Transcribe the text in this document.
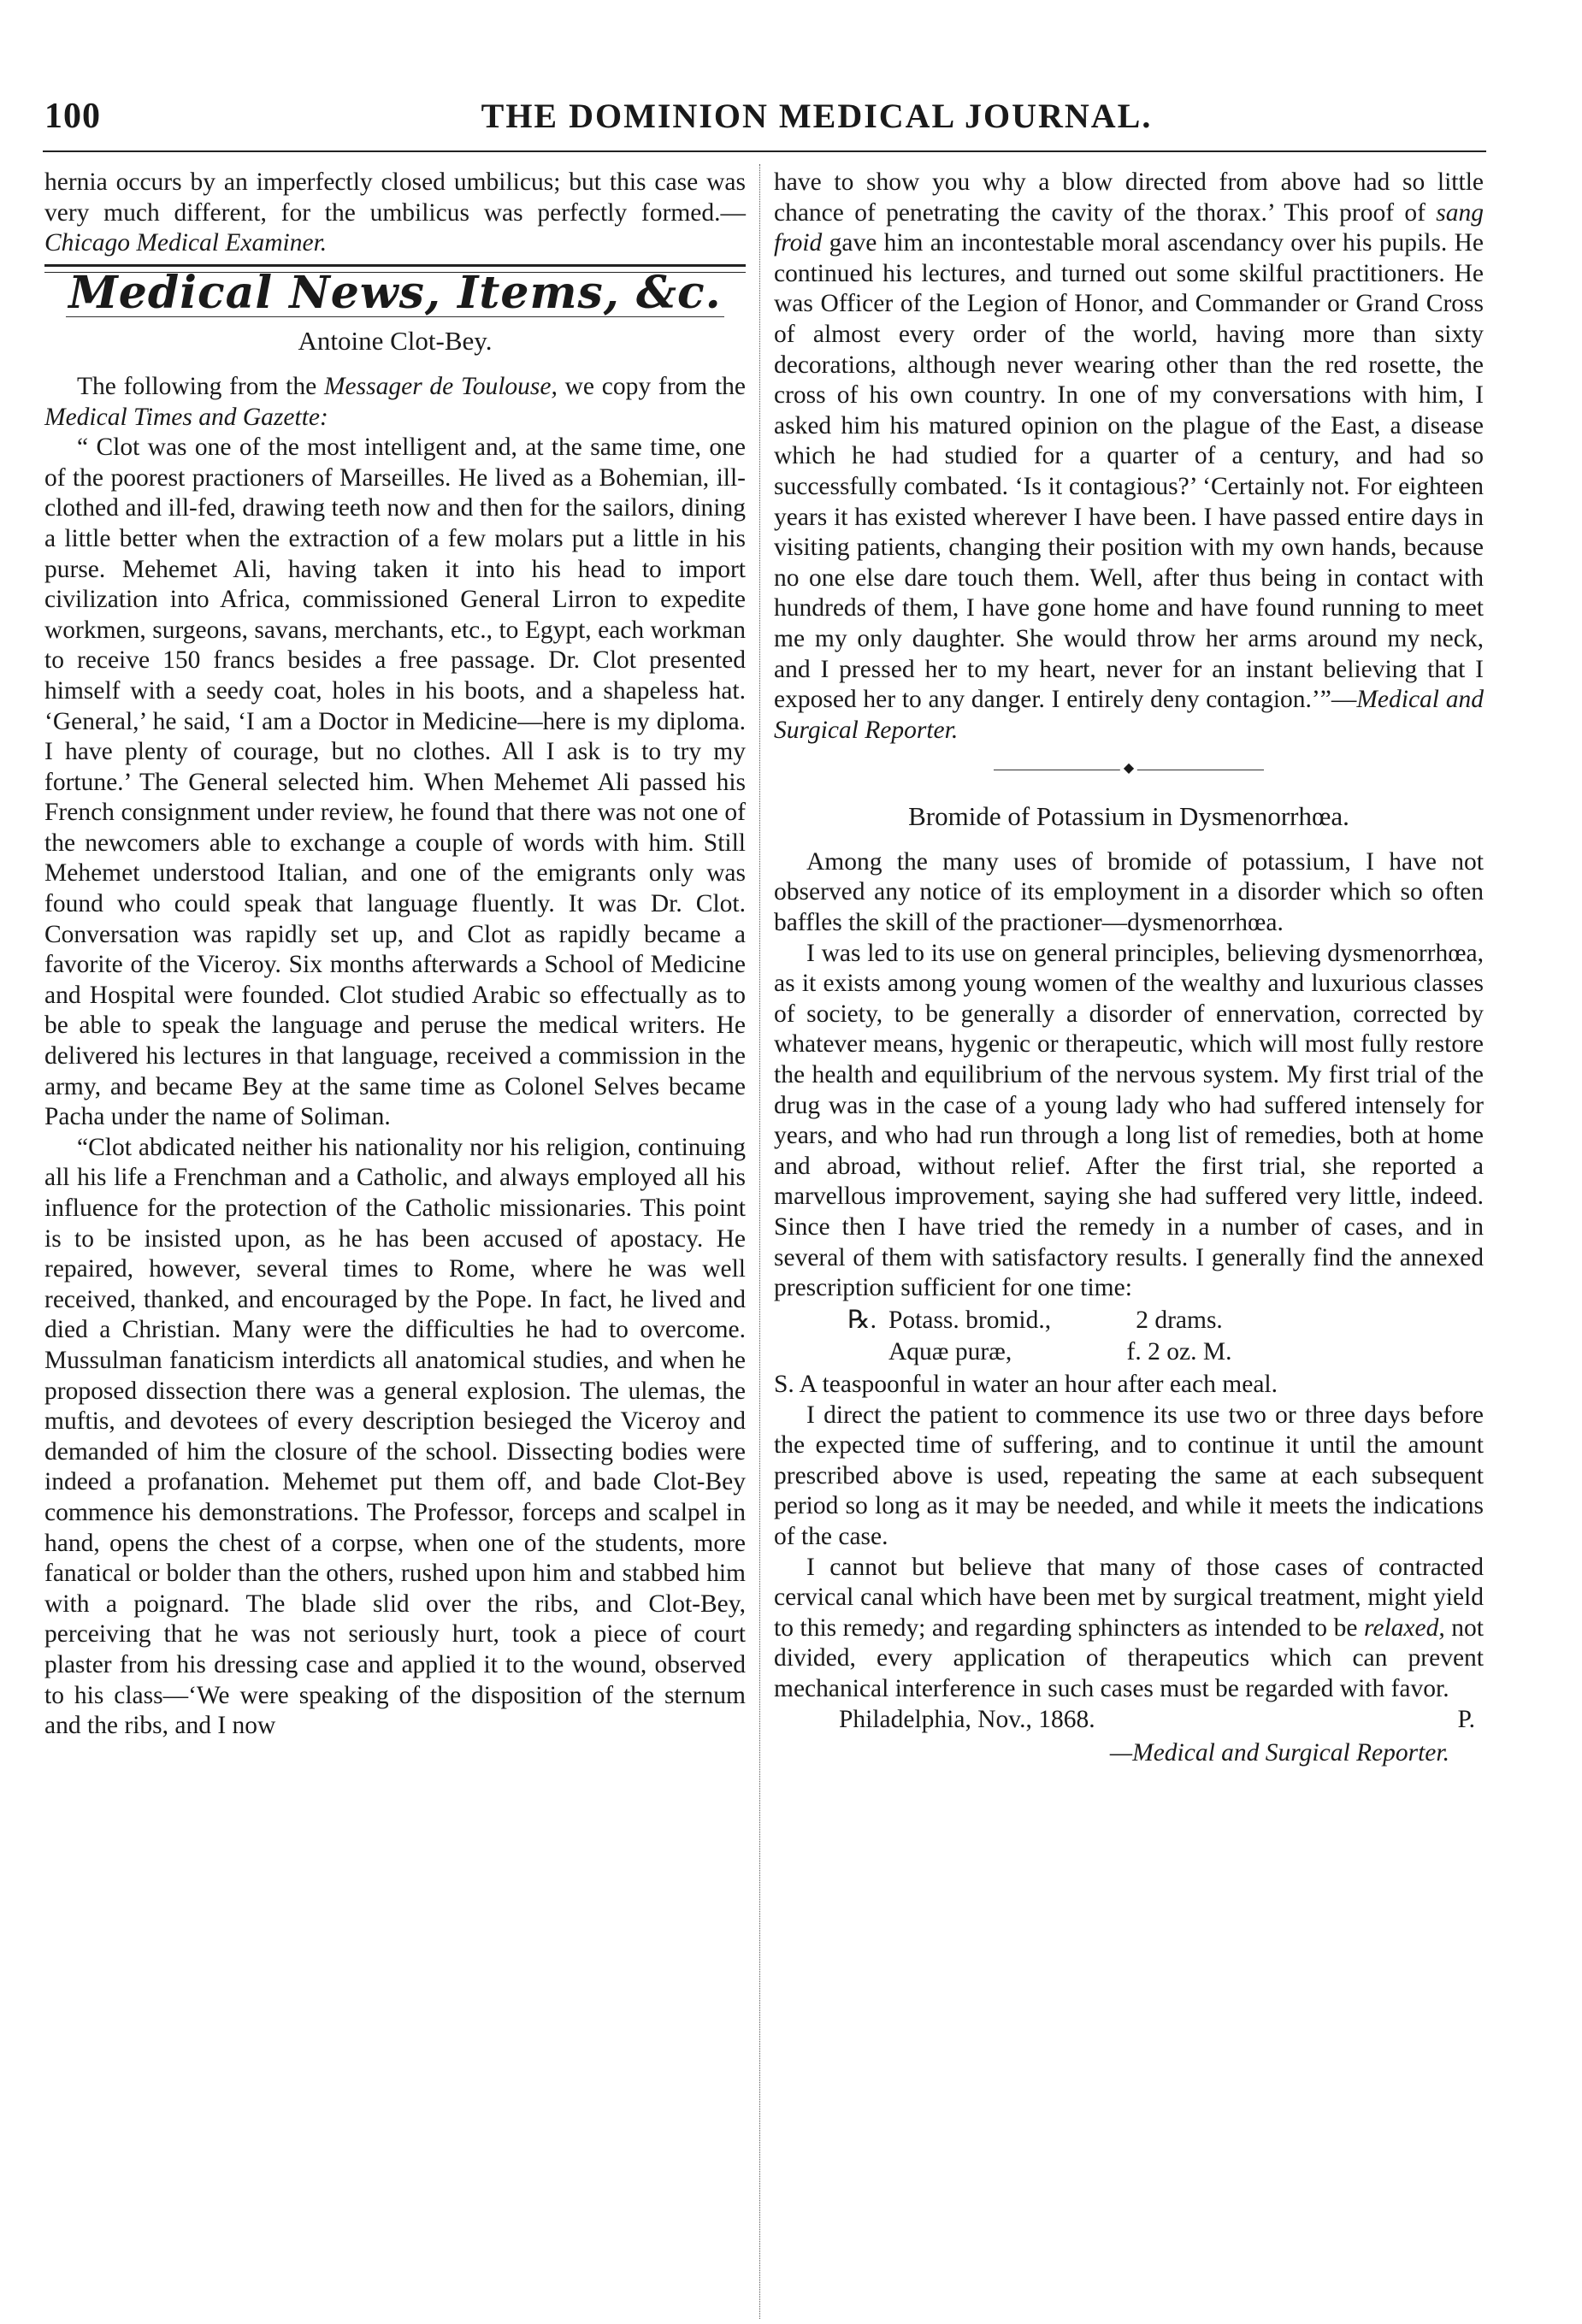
100	THE DOMINION MEDICAL JOURNAL.

hernia occurs by an imperfectly closed umbilicus; but this case was very much different, for the umbilicus was perfectly formed.—Chicago Medical Examiner.

Medical News, Items, &c.
Antoine Clot-Bey.

The following from the Messager de Toulouse, we copy from the Medical Times and Gazette:

“ Clot was one of the most intelligent and, at the same time, one of the poorest practioners of Marseilles. He lived as a Bohemian, ill-clothed and ill-fed, drawing teeth now and then for the sailors, dining a little better when the extraction of a few molars put a little in his purse. Mehemet Ali, having taken it into his head to import civilization into Africa, commissioned General Lirron to expedite workmen, surgeons, savans, merchants, etc., to Egypt, each workman to receive 150 francs besides a free passage. Dr. Clot presented himself with a seedy coat, holes in his boots, and a shapeless hat. ‘General,’ he said, ‘I am a Doctor in Medicine—here is my diploma. I have plenty of courage, but no clothes. All I ask is to try my fortune.’ The General selected him. When Mehemet Ali passed his French consignment under review, he found that there was not one of the newcomers able to exchange a couple of words with him. Still Mehemet understood Italian, and one of the emigrants only was found who could speak that language fluently. It was Dr. Clot. Conversation was rapidly set up, and Clot as rapidly became a favorite of the Viceroy. Six months afterwards a School of Medicine and Hospital were founded. Clot studied Arabic so effectually as to be able to speak the language and peruse the medical writers. He delivered his lectures in that language, received a commission in the army, and became Bey at the same time as Colonel Selves became Pacha under the name of Soliman.

“Clot abdicated neither his nationality nor his religion, continuing all his life a Frenchman and a Catholic, and always employed all his influence for the protection of the Catholic missionaries. This point is to be insisted upon, as he has been accused of apostacy. He repaired, however, several times to Rome, where he was well received, thanked, and encouraged by the Pope. In fact, he lived and died a Christian. Many were the difficulties he had to overcome. Mussulman fanaticism interdicts all anatomical studies, and when he proposed dissection there was a general explosion. The ulemas, the muftis, and devotees of every description besieged the Viceroy and demanded of him the closure of the school. Dissecting bodies were indeed a profanation. Mehemet put them off, and bade Clot-Bey commence his demonstrations. The Professor, forceps and scalpel in hand, opens the chest of a corpse, when one of the students, more fanatical or bolder than the others, rushed upon him and stabbed him with a poignard. The blade slid over the ribs, and Clot-Bey, perceiving that he was not seriously hurt, took a piece of court plaster from his dressing case and applied it to the wound, observed to his class—‘We were speaking of the disposition of the sternum and the ribs, and I now

have to show you why a blow directed from above had so little chance of penetrating the cavity of the thorax.’ This proof of sang froid gave him an incontestable moral ascendancy over his pupils. He continued his lectures, and turned out some skilful practitioners. He was Officer of the Legion of Honor, and Commander or Grand Cross of almost every order of the world, having more than sixty decorations, although never wearing other than the red rosette, the cross of his own country. In one of my conversations with him, I asked him his matured opinion on the plague of the East, a disease which he had studied for a quarter of a century, and had so successfully combated. ‘Is it contagious?’ ‘Certainly not. For eighteen years it has existed wherever I have been. I have passed entire days in visiting patients, changing their position with my own hands, because no one else dare touch them. Well, after thus being in contact with hundreds of them, I have gone home and have found running to meet me my only daughter. She would throw her arms around my neck, and I pressed her to my heart, never for an instant believing that I exposed her to any danger. I entirely deny contagion.’”—Medical and Surgical Reporter.

◆
Bromide of Potassium in Dysmenorrhœa.

Among the many uses of bromide of potassium, I have not observed any notice of its employment in a disorder which so often baffles the skill of the practioner—dysmenorrhœa.

I was led to its use on general principles, believing dysmenorrhœa, as it exists among young women of the wealthy and luxurious classes of society, to be generally a disorder of ennervation, corrected by whatever means, hygenic or therapeutic, which will most fully restore the health and equilibrium of the nervous system. My first trial of the drug was in the case of a young lady who had suffered intensely for years, and who had run through a long list of remedies, both at home and abroad, without relief. After the first trial, she reported a marvellous improvement, saying she had suffered very little, indeed. Since then I have tried the remedy in a number of cases, and in several of them with satisfactory results. I generally find the annexed prescription sufficient for one time:

℞. Potass. bromid.,	2 drams.
Aquæ puræ,	f. 2 oz. M.

S. A teaspoonful in water an hour after each meal.

I direct the patient to commence its use two or three days before the expected time of suffering, and to continue it until the amount prescribed above is used, repeating the same at each subsequent period so long as it may be needed, and while it meets the indications of the case.

I cannot but believe that many of those cases of contracted cervical canal which have been met by surgical treatment, might yield to this remedy; and regarding sphincters as intended to be relaxed, not divided, every application of therapeutics which can prevent mechanical interference in such cases must be regarded with favor.

Philadelphia, Nov., 1868.	P.
—Medical and Surgical Reporter.
